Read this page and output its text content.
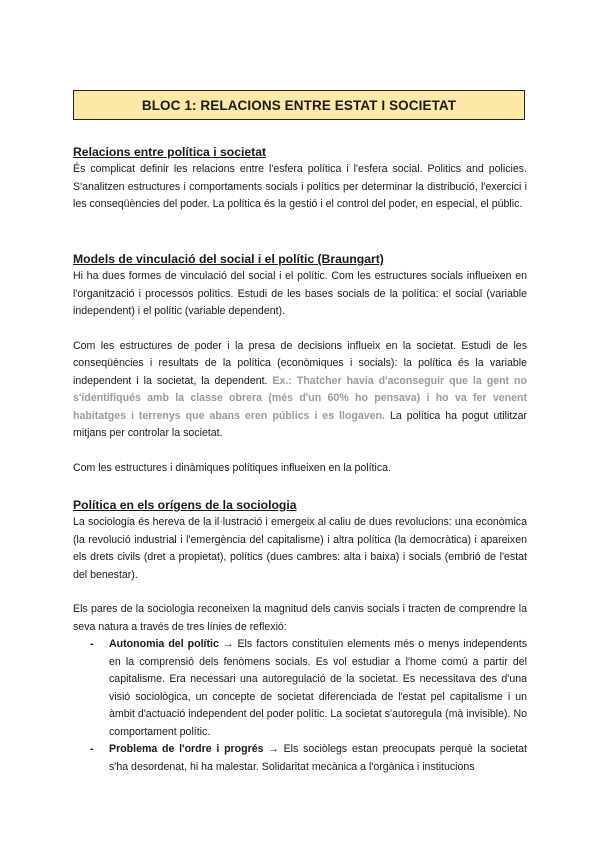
BLOC 1: RELACIONS ENTRE ESTAT I SOCIETAT
Relacions entre política i societat

És complicat definir les relacions entre l'esfera política i l'esfera social. Politics and policies. S'analitzen estructures i comportaments socials i polítics per determinar la distribució, l'exercici i les conseqüències del poder. La política és la gestió i el control del poder, en especial, el públic.

Models de vinculació del social i el polític (Braungart)

Hi ha dues formes de vinculació del social i el polític. Com les estructures socials influeixen en l'organització i processos polítics. Estudi de les bases socials de la política: el social (variable independent) i el polític (variable dependent).

Com les estructures de poder i la presa de decisions influeix en la societat. Estudi de les conseqüències i resultats de la política (econòmiques i socials): la política és la variable independent i la societat, la dependent. Ex.: Thatcher havia d'aconseguir que la gent no s'identifiqués amb la classe obrera (més d'un 60% ho pensava) i ho va fer venent habitatges i terrenys que abans eren públics i es llogaven. La política ha pogut utilitzar mitjans per controlar la societat.

Com les estructures i dinàmiques polítiques influeixen en la política.

Política en els orígens de la sociologia

La sociologia és hereva de la il·lustració i emergeix al caliu de dues revolucions: una econòmica (la revolució industrial i l'emergència del capitalisme) i altra política (la democràtica) i apareixen els drets civils (dret a propietat), polítics (dues cambres: alta i baixa) i socials (embrió de l'estat del benestar).

Els pares de la sociologia reconeixen la magnitud dels canvis socials i tracten de comprendre la seva natura a través de tres línies de reflexió:

- Autonomia del polític → Els factors constituïen elements més o menys independents en la comprensió dels fenòmens socials. Es vol estudiar a l'home comú a partir del capitalisme. Era necessari una autoregulació de la societat. Es necessitava des d'una visió sociològica, un concepte de societat diferenciada de l'estat pel capitalisme i un àmbit d'actuació independent del poder polític. La societat s'autoregula (mà invisible). No comportament polític.
- Problema de l'ordre i progrés → Els sociòlegs estan preocupats perquè la societat s'ha desordenat, hi ha malestar. Solidaritat mecànica a l'orgànica i institucions
